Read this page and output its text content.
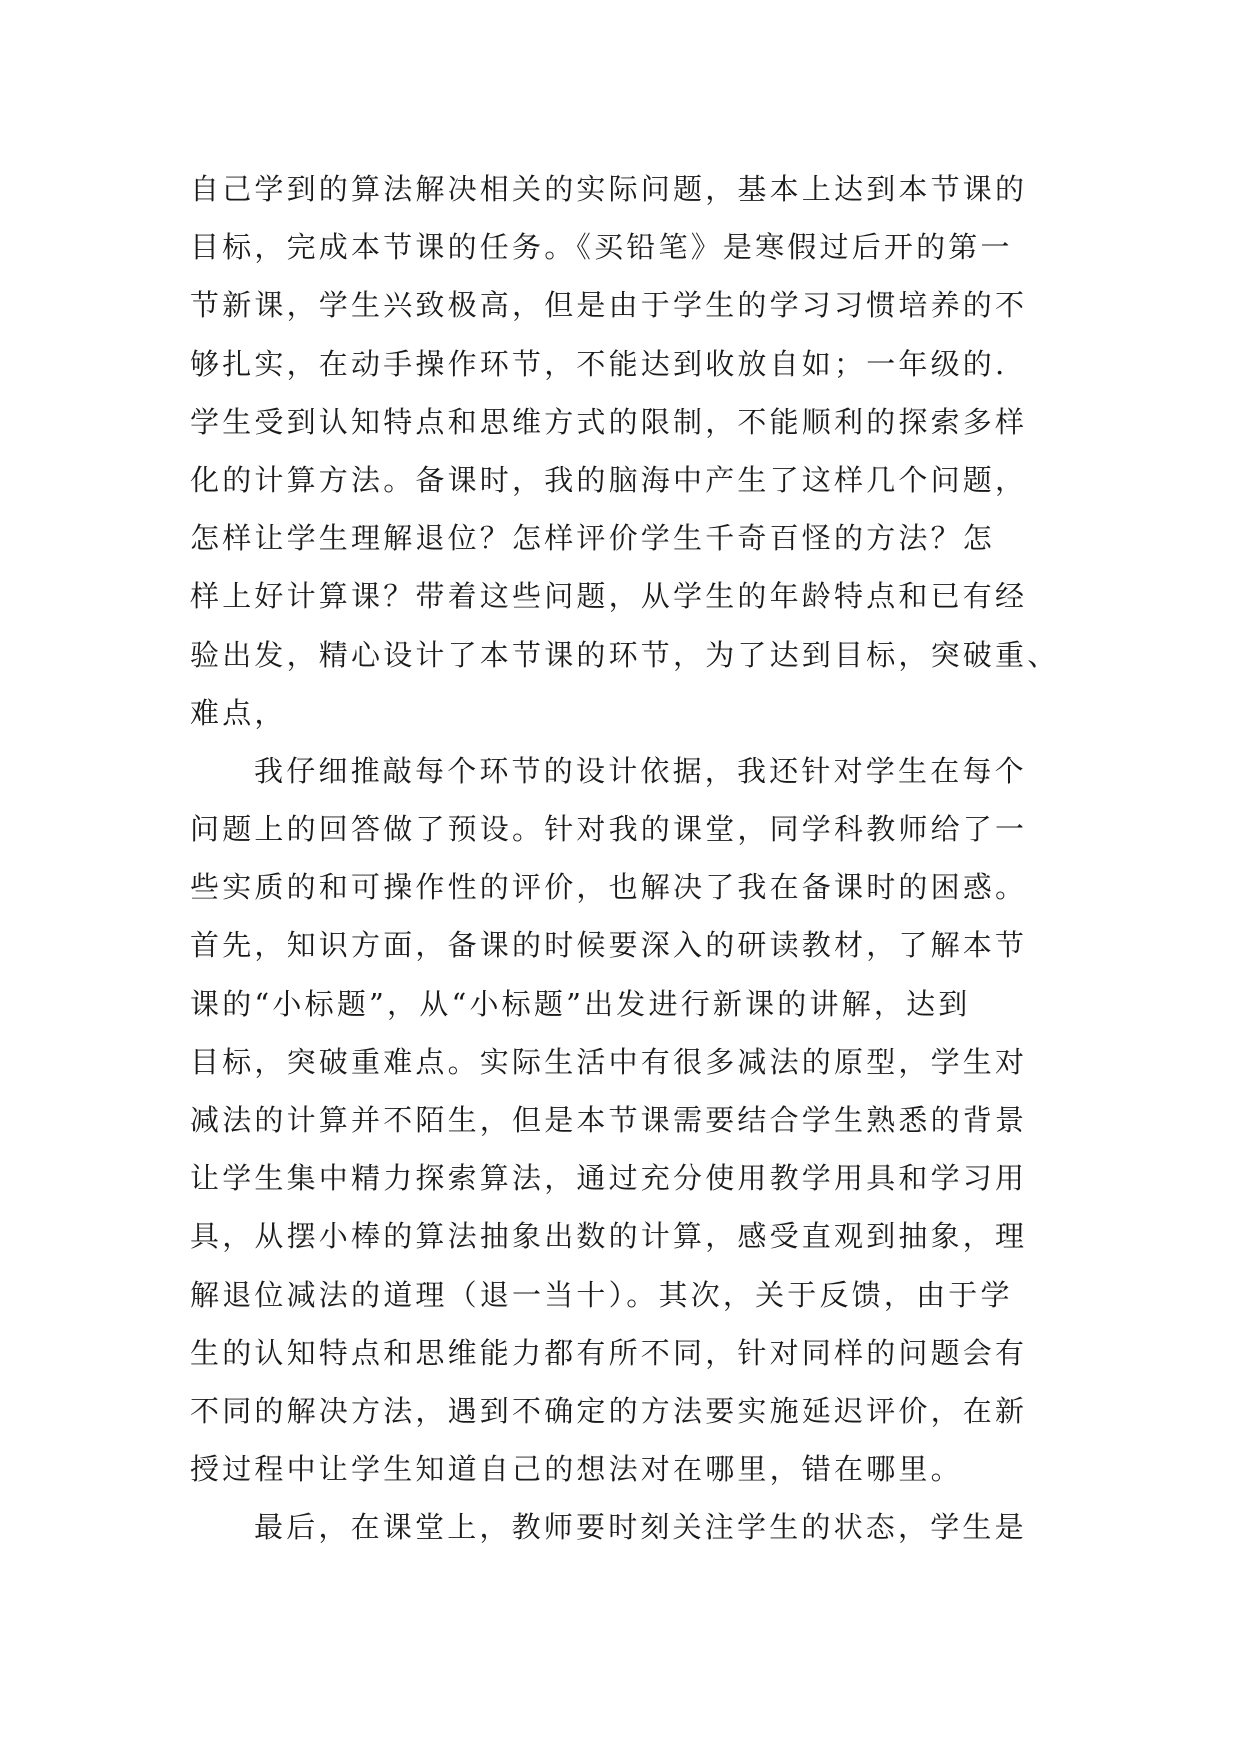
自己学到的算法解决相关的实际问题，基本上达到本节课的
目标，完成本节课的任务。《买铅笔》是寒假过后开的第一
节新课，学生兴致极高，但是由于学生的学习习惯培养的不
够扎实，在动手操作环节，不能达到收放自如；一年级的.
学生受到认知特点和思维方式的限制，不能顺利的探索多样
化的计算方法。备课时，我的脑海中产生了这样几个问题，
怎样让学生理解退位？怎样评价学生千奇百怪的方法？怎
样上好计算课？带着这些问题，从学生的年龄特点和已有经
验出发，精心设计了本节课的环节，为了达到目标，突破重、
难点，
我仔细推敲每个环节的设计依据，我还针对学生在每个
问题上的回答做了预设。针对我的课堂，同学科教师给了一
些实质的和可操作性的评价，也解决了我在备课时的困惑。
首先，知识方面，备课的时候要深入的研读教材，了解本节
课的“小标题”，从“小标题”出发进行新课的讲解，达到
目标，突破重难点。实际生活中有很多减法的原型，学生对
减法的计算并不陌生，但是本节课需要结合学生熟悉的背景
让学生集中精力探索算法，通过充分使用教学用具和学习用
具，从摆小棒的算法抽象出数的计算，感受直观到抽象，理
解退位减法的道理（退一当十）。其次，关于反馈，由于学
生的认知特点和思维能力都有所不同，针对同样的问题会有
不同的解决方法，遇到不确定的方法要实施延迟评价，在新
授过程中让学生知道自己的想法对在哪里，错在哪里。
最后，在课堂上，教师要时刻关注学生的状态，学生是
